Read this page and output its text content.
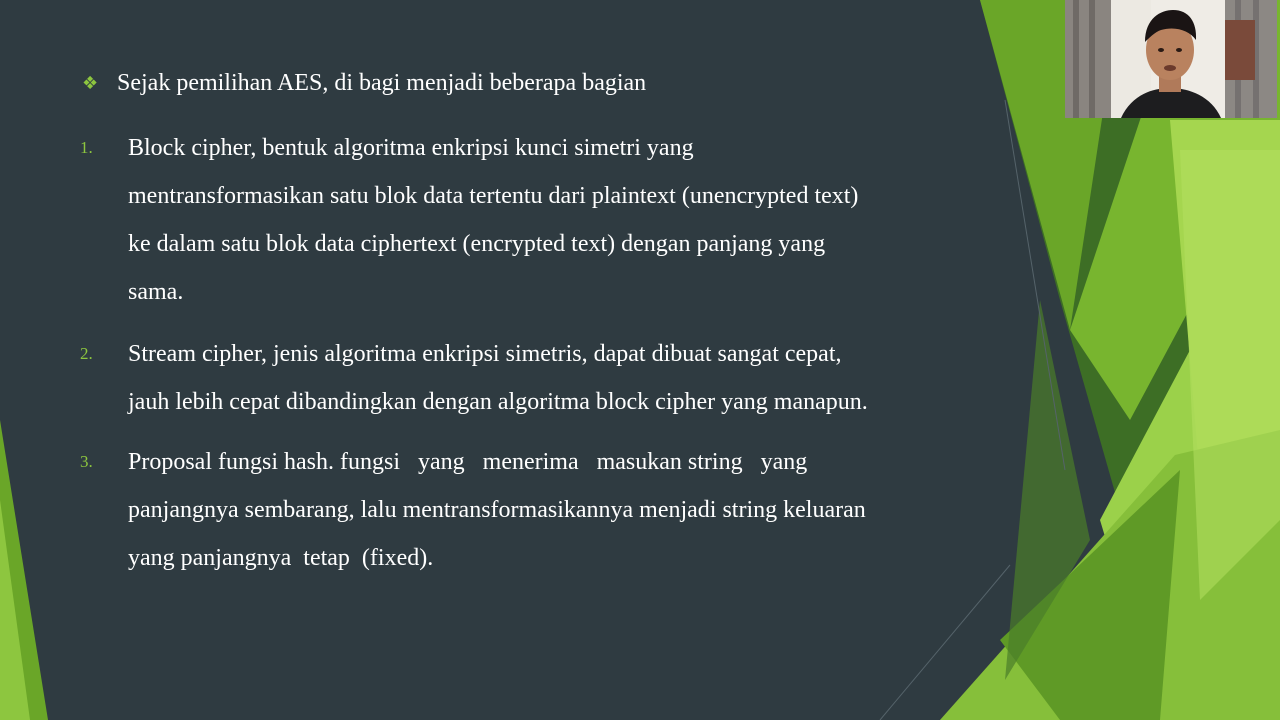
❖ Sejak pemilihan AES, di bagi menjadi beberapa bagian
1.	Block cipher, bentuk algoritma enkripsi kunci simetri yang
mentransformasikan satu blok data tertentu dari plaintext (unencrypted text)
ke dalam satu blok data ciphertext (encrypted text) dengan panjang yang
sama.
2.	Stream cipher, jenis algoritma enkripsi simetris, dapat dibuat sangat cepat,
jauh lebih cepat dibandingkan dengan algoritma block cipher yang manapun.
3.	Proposal fungsi hash. fungsi   yang   menerima   masukan string   yang
panjangnya sembarang, lalu mentransformasikannya menjadi string keluaran
yang panjangnya  tetap  (fixed).
